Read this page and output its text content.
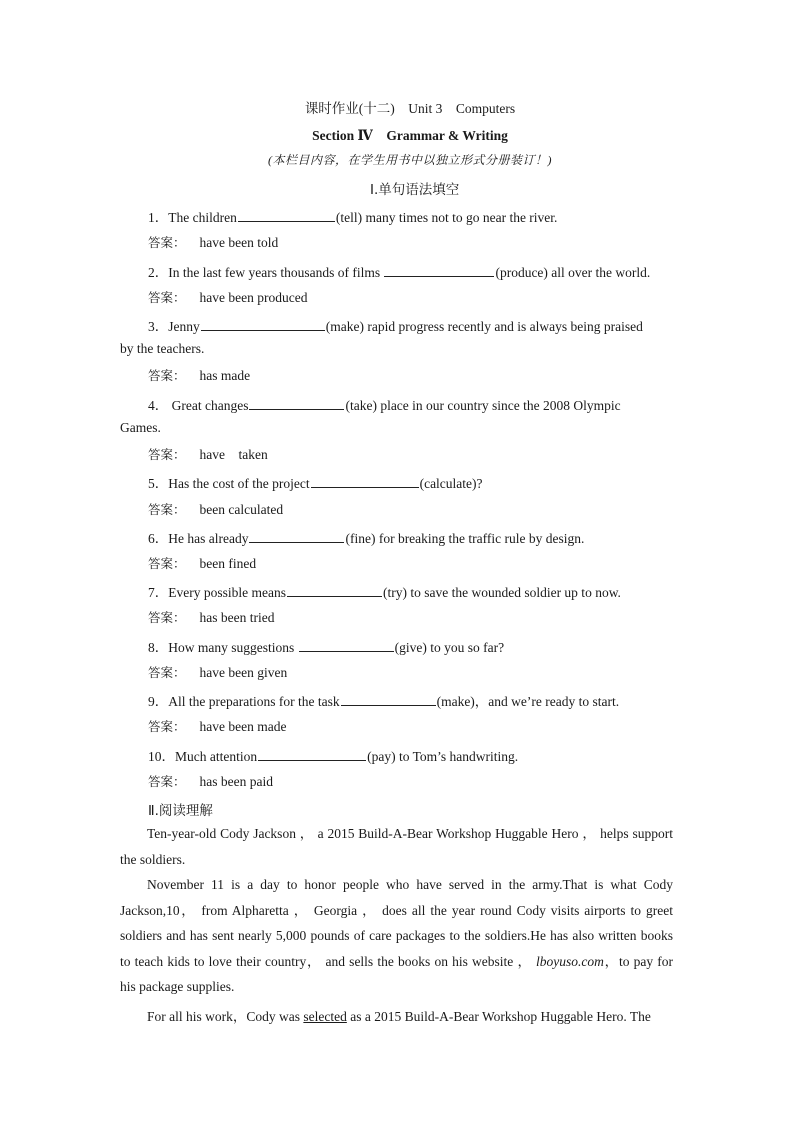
课时作业(十二)　Unit 3　Computers
Section Ⅳ　Grammar & Writing
(本栏目内容，在学生用书中以独立形式分册装订！)
Ⅰ.单句语法填空
1．The children	(tell) many times not to go near the river.
答案： have been told
2．In the last few years thousands of films	(produce) all over the world.
答案： have been produced
3．Jenny	(make) rapid progress recently and is always being praised
by the teachers.
答案： has made
4． Great changes	(take) place in our country since the 2008 Olympic
Games.
答案： have    taken
5．Has the cost of the project	(calculate)?
答案： been calculated
6．He has already	(fine) for breaking the traffic rule by design.
答案： been fined
7．Every possible means	(try) to save the wounded soldier up to now.
答案： has been tried
8．How many suggestions	(give) to you so far?
答案： have been given
9．All the preparations for the task	(make)，and we’re ready to start.
答案： have been made
10．Much attention	(pay) to Tom’s handwriting.
答案： has been paid
Ⅱ.阅读理解
Ten-year-old Cody Jackson ， a 2015 Build-A-Bear Workshop Huggable Hero ， helps support the soldiers.
November 11 is a day to honor people who have served in the army.That is what Cody Jackson,10， from Alpharetta ， Georgia ， does all the year round Cody visits airports to greet soldiers and has sent nearly 5,000 pounds of care packages to the soldiers.He has also written books to teach kids to love their country， and sells the books on his website ， lboyuso.com，to pay for his package supplies.
For all his work，Cody was selected as a 2015 Build-A-Bear Workshop Huggable Hero. The
